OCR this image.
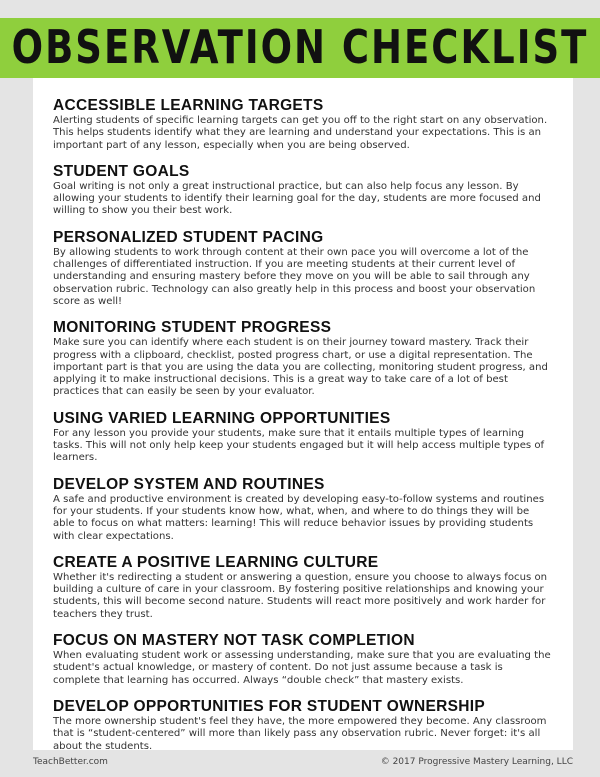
OBSERVATION CHECKLIST
ACCESSIBLE LEARNING TARGETS

Alerting students of specific learning targets can get you off to the right start on any observation. This helps students identify what they are learning and understand your expectations. This is an important part of any lesson, especially when you are being observed.

STUDENT GOALS

Goal writing is not only a great instructional practice, but can also help focus any lesson. By allowing your students to identify their learning goal for the day, students are more focused and willing to show you their best work.

PERSONALIZED STUDENT PACING

By allowing students to work through content at their own pace you will overcome a lot of the challenges of differentiated instruction. If you are meeting students at their current level of understanding and ensuring mastery before they move on you will be able to sail through any observation rubric. Technology can also greatly help in this process and boost your observation score as well!

MONITORING STUDENT PROGRESS

Make sure you can identify where each student is on their journey toward mastery. Track their progress with a clipboard, checklist, posted progress chart, or use a digital representation. The important part is that you are using the data you are collecting, monitoring student progress, and applying it to make instructional decisions. This is a great way to take care of a lot of best practices that can easily be seen by your evaluator.

USING VARIED LEARNING OPPORTUNITIES

For any lesson you provide your students, make sure that it entails multiple types of learning tasks. This will not only help keep your students engaged but it will help access multiple types of learners.

DEVELOP SYSTEM AND ROUTINES

A safe and productive environment is created by developing easy-to-follow systems and routines for your students. If your students know how, what, when, and where to do things they will be able to focus on what matters: learning! This will reduce behavior issues by providing students with clear expectations.

CREATE A POSITIVE LEARNING CULTURE

Whether it's redirecting a student or answering a question, ensure you choose to always focus on building a culture of care in your classroom. By fostering positive relationships and knowing your students, this will become second nature. Students will react more positively and work harder for teachers they trust.

FOCUS ON MASTERY NOT TASK COMPLETION

When evaluating student work or assessing understanding, make sure that you are evaluating the student's actual knowledge, or mastery of content. Do not just assume because a task is complete that learning has occurred. Always “double check” that mastery exists.

DEVELOP OPPORTUNITIES FOR STUDENT OWNERSHIP

The more ownership student's feel they have, the more empowered they become. Any classroom that is “student-centered” will more than likely pass any observation rubric. Never forget: it's all about the students.

TeachBetter.com	© 2017 Progressive Mastery Learning, LLC
